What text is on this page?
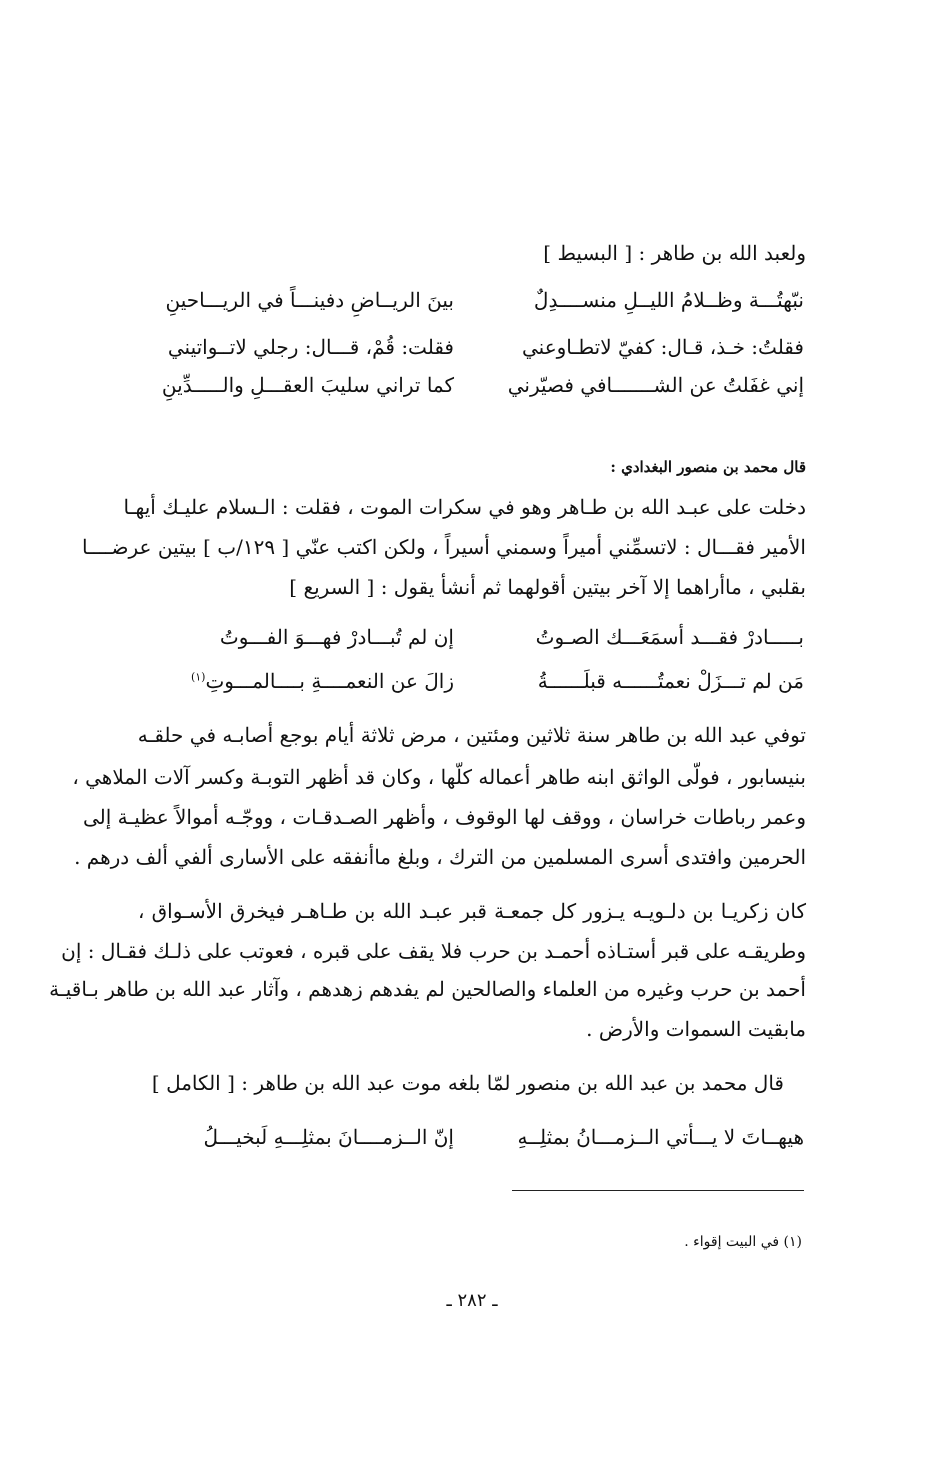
ولعبد الله بن طاهر : [ البسيط ]
نبّهتُـــة وظــلامُ الليــلِ منســــدِلٌ
بينَ الريــاضِ دفينـــاً في الريـــاحينِ
فقلتُ: خـذ، قـال: كفيّ لاتطـاوعني
فقلت: قُمْ، قـــال: رجلي لاتــواتيني
إني غفَلتُ عن الشـــــــافي فصيّرني
كما تراني سليبَ العقـــلِ والـــــدِّينِ
قال محمد بن منصور البغدادي :
دخلت على عبـد الله بن طـاهر وهو في سكرات الموت ، فقلت : الـسلام عليـك أيهـا
الأمير فقـــال : لاتسمِّني أميراً وسمني أسيراً ، ولكن اكتب عنّي [ ١٢٩/ب ] بيتين عرضــــا
بقلبي ، ماأراهما إلا آخر بيتين أقولهما ثم أنشأ يقول : [ السريع ]
بـــــادرْ فقـــد أسمَعَـــك الصـوتُ
إن لم تُبـــادرْ فهـــوَ الفـــوتُ
مَن لم تـــزَلْ نعمتُــــــه قبلَــــــةُ
زالَ عن النعمــــةِ بــــالمـــوتِ$^{(١)}$
توفي عبد الله بن طاهر سنة ثلاثين ومئتين ، مرض ثلاثة أيام بوجع أصابـه في حلقـه
بنيسابور ، فولّى الواثق ابنه طاهر أعماله كلّها ، وكان قد أظهر التوبـة وكسر آلات الملاهي ،
وعمر رباطات خراسان ، ووقف لها الوقوف ، وأظهر الصـدقـات ، ووجّـه أموالاً عظيـة إلى
الحرمين وافتدى أسرى المسلمين من الترك ، وبلغ ماأنفقه على الأسارى ألفي ألف درهم .
كان زكريـا بن دلـويـه يـزور كل جمعـة قبر عبـد الله بن طـاهـر فيخرق الأسـواق ،
وطريقـه على قبر أستـاذه أحمـد بن حرب فلا يقف على قبره ، فعوتب على ذلـك فقـال : إن
أحمد بن حرب وغيره من العلماء والصالحين لم يفدهم زهدهم ، وآثار عبد الله بن طاهر بـاقيـة
مابقيت السموات والأرض .
قال محمد بن عبد الله بن منصور لمّا بلغه موت عبد الله بن طاهر : [ الكامل ]
هيهــاتَ لا يـــأتي الــزمـــانُ بمثلِــهِ
إنّ الــزمــــانَ بمثلِـــهِ لَبخيـــلُ
(١) في البيت إقواء .
ـ ٢٨٢ ـ
